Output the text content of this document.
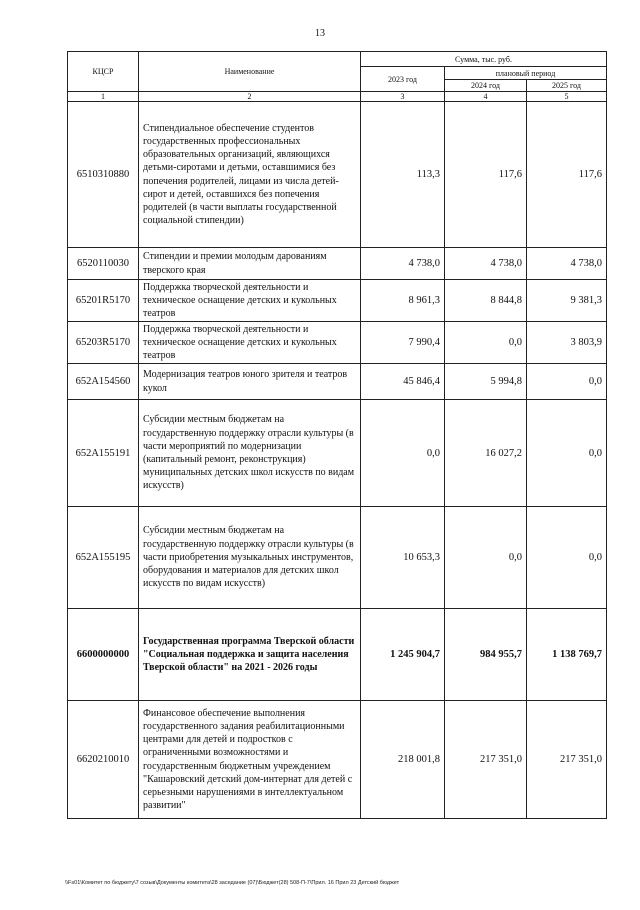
13
КЦСР	Наименование	Сумма, тыс. руб.		
		2023 год	плановый период	
			2024 год	2025 год
1	2	3	4	5
6510310880	Стипендиальное обеспечение студентов государственных профессиональных образовательных организаций, являющихся детьми-сиротами и детьми, оставшимися без попечения родителей, лицами из числа детей-сирот и детей, оставшихся без попечения родителей (в части выплаты государственной социальной стипендии)	113,3	117,6	117,6
6520110030	Стипендии и премии молодым дарованиям тверского края	4 738,0	4 738,0	4 738,0
65201R5170	Поддержка творческой деятельности и техническое оснащение детских и кукольных театров	8 961,3	8 844,8	9 381,3
65203R5170	Поддержка творческой деятельности и техническое оснащение детских и кукольных театров	7 990,4	0,0	3 803,9
652A154560	Модернизация театров юного зрителя и театров кукол	45 846,4	5 994,8	0,0
652A155191	Субсидии местным бюджетам на государственную поддержку отрасли культуры (в части мероприятий по модернизации (капитальный ремонт, реконструкция) муниципальных детских школ искусств по видам искусств)	0,0	16 027,2	0,0
652A155195	Субсидии местным бюджетам на государственную поддержку отрасли культуры (в части приобретения музыкальных инструментов, оборудования и материалов для детских школ искусств по видам искусств)	10 653,3	0,0	0,0
6600000000	Государственная программа Тверской области "Социальная поддержка и защита населения Тверской области" на 2021 - 2026 годы	1 245 904,7	984 955,7	1 138 769,7
6620210010	Финансовое обеспечение выполнения государственного задания реабилитационными центрами для детей и подростков с ограниченными возможностями и государственным бюджетным учреждением "Кашаровский детский дом-интернат для детей с серьезными нарушениями в интеллектуальном развитии"	218 001,8	217 351,0	217 351,0
\\Fs01\Комитет по бюджету\7 созыв\Документы комитета\28 заседание (07)\Бюджет(28) 508-П-7\Прил. 16 Прил 23 Детский бюджет
